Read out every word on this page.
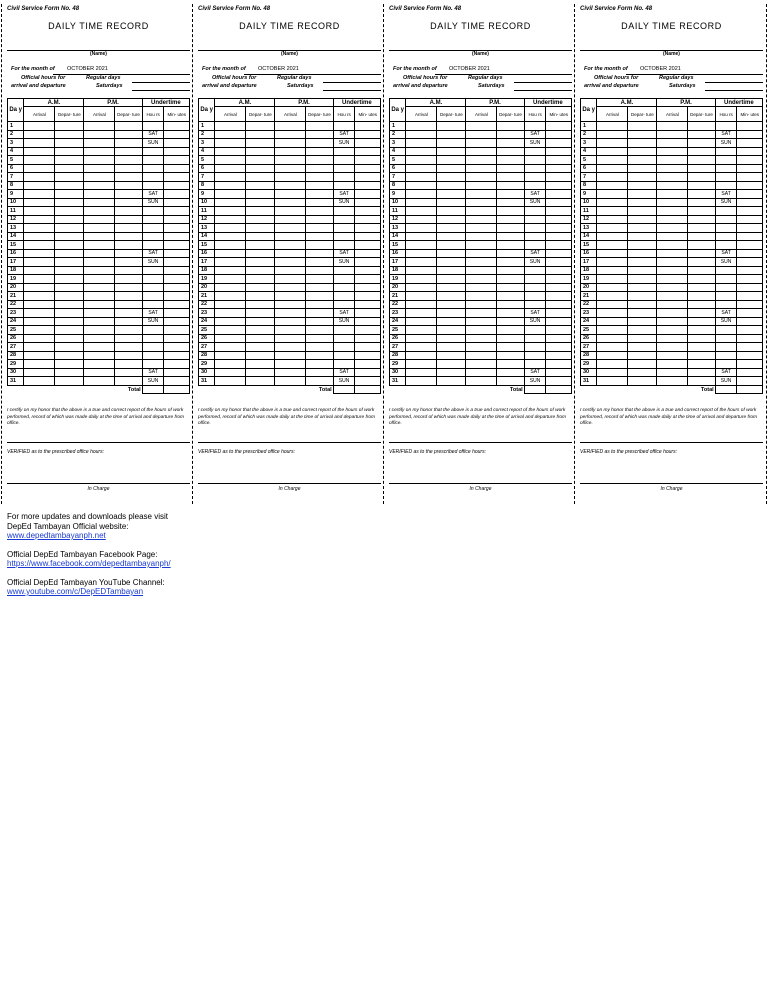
Civil Service Form No. 48
DAILY TIME RECORD
(Name)
For the month of OCTOBER 2021
Official hours for
arrival and departure
Regular days
Saturdays
Da y	A.M.		P.M.		Undertime	
	Arrival	Depar- ture	Arrival	Depar- ture	Hou rs	Min- utes
1						
2					SAT	
3					SUN	
4						
5						
6						
7						
8						
9					SAT	
10					SUN	
11						
12						
13						
14						
15						
16					SAT	
17					SUN	
18						
19						
20						
21						
22						
23					SAT	
24					SUN	
25						
26						
27						
28						
29						
30					SAT	
31					SUN	
				Total		
I certify on my honor that the above is a true and correct report of the hours of work performed, record of which was made daily at the time of arrival and departure from office.
VERIFIED as to the prescribed office hours:
In Charge
Civil Service Form No. 48
DAILY TIME RECORD
(Name)
For the month of OCTOBER 2021
Official hours for
arrival and departure
Regular days
Saturdays
Da y	A.M.		P.M.		Undertime	
	Arrival	Depar- ture	Arrival	Depar- ture	Hou rs	Min- utes
1						
2					SAT	
3					SUN	
4						
5						
6						
7						
8						
9					SAT	
10					SUN	
11						
12						
13						
14						
15						
16					SAT	
17					SUN	
18						
19						
20						
21						
22						
23					SAT	
24					SUN	
25						
26						
27						
28						
29						
30					SAT	
31					SUN	
				Total		
I certify on my honor that the above is a true and correct report of the hours of work performed, record of which was made daily at the time of arrival and departure from office.
VERIFIED as to the prescribed office hours:
In Charge
Civil Service Form No. 48
DAILY TIME RECORD
(Name)
For the month of OCTOBER 2021
Official hours for
arrival and departure
Regular days
Saturdays
Da y	A.M.		P.M.		Undertime	
	Arrival	Depar- ture	Arrival	Depar- ture	Hou rs	Min- utes
1						
2					SAT	
3					SUN	
4						
5						
6						
7						
8						
9					SAT	
10					SUN	
11						
12						
13						
14						
15						
16					SAT	
17					SUN	
18						
19						
20						
21						
22						
23					SAT	
24					SUN	
25						
26						
27						
28						
29						
30					SAT	
31					SUN	
				Total		
I certify on my honor that the above is a true and correct report of the hours of work performed, record of which was made daily at the time of arrival and departure from office.
VERIFIED as to the prescribed office hours:
In Charge
Civil Service Form No. 48
DAILY TIME RECORD
(Name)
For the month of OCTOBER 2021
Official hours for
arrival and departure
Regular days
Saturdays
Da y	A.M.		P.M.		Undertime	
	Arrival	Depar- ture	Arrival	Depar- ture	Hou rs	Min- utes
1						
2					SAT	
3					SUN	
4						
5						
6						
7						
8						
9					SAT	
10					SUN	
11						
12						
13						
14						
15						
16					SAT	
17					SUN	
18						
19						
20						
21						
22						
23					SAT	
24					SUN	
25						
26						
27						
28						
29						
30					SAT	
31					SUN	
				Total		
I certify on my honor that the above is a true and correct report of the hours of work performed, record of which was made daily at the time of arrival and departure from office.
VERIFIED as to the prescribed office hours:
In Charge

For more updates and downloads please visit

DepEd Tambayan Official website:

www.depedtambayanph.net

Official DepEd Tambayan Facebook Page:

https://www.facebook.com/depedtambayanph/

Official DepEd Tambayan YouTube Channel:

www.youtube.com/c/DepEDTambayan
